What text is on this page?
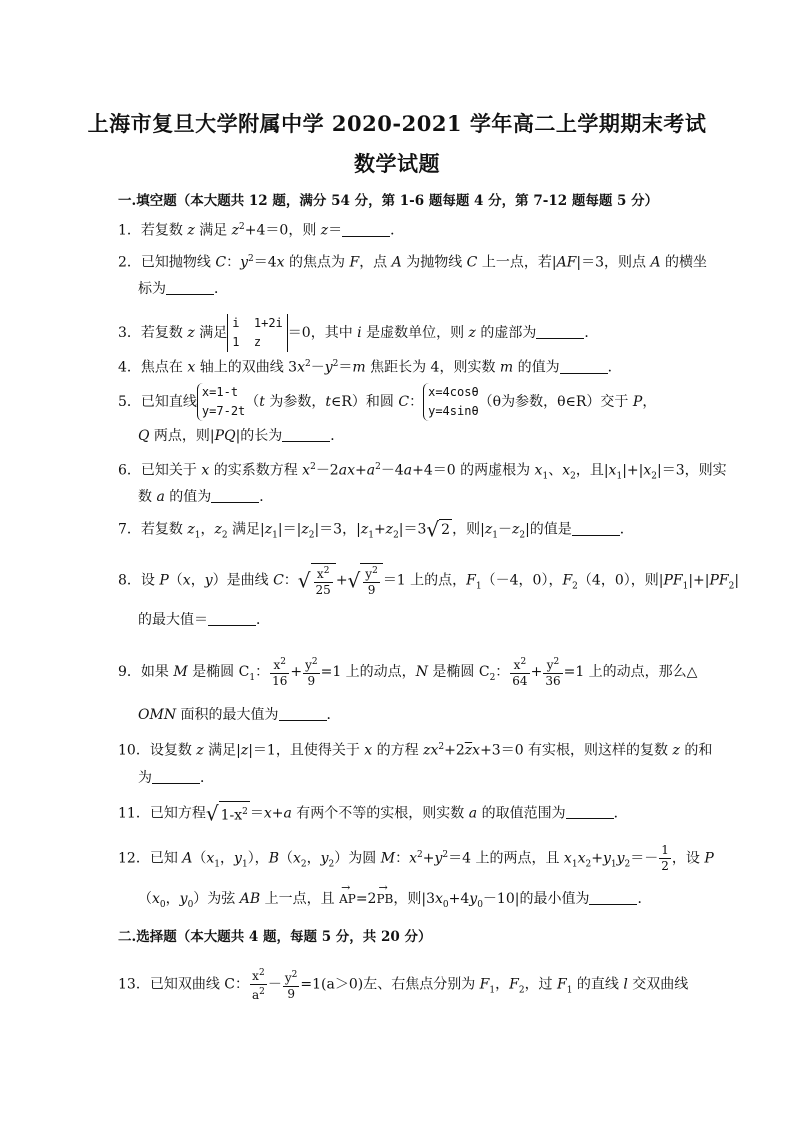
上海市复旦大学附属中学 2020-2021 学年高二上学期期末考试
数学试题
一.填空题（本大题共 12 题，满分 54 分，第 1-6 题每题 4 分，第 7-12 题每题 5 分）
1．若复数 z 满足 $z^2+4=0$，则 z＝	．
2．已知抛物线 C：$y^2=4x$ 的焦点为 F，点 A 为抛物线 C 上一点，若|AF|＝3，则点 A 的横坐
标为	．
3．若复数 z 满足i  1+2i
1  z＝0，其中 i 是虚数单位，则 z 的虚部为	．
4．焦点在 x 轴上的双曲线 $3x^2-y^2=m$ 焦距长为 4，则实数 m 的值为	．
5．已知直线x=1-t
y=7-2t（t 为参数，t∈R）和圆 C：x=4cosθ
y=4sinθ（θ为参数，θ∈R）交于 P，
Q 两点，则|PQ|的长为	．
6．已知关于 x 的实系数方程 $x^2-2ax+a^2-4a+4=0$ 的两虚根为 $x_1$、$x_2$，且$|x_1|+|x_2|=3$，则实
数 a 的值为	．
7．若复数 $z_1$，$z_2$ 满足$|z_1|=|z_2|=3$，$|z_1+z_2|=3√$ 2 ，则$|z_1-z_2|$的值是	．
8．设 P（x，y）是曲线 C：√ $\frac{x^2}{25}$ +√ $\frac{y^2}{9} =1$ 上的点，$F_1(-4$，0），$F_2(4$，0），则$|PF_1|+|PF_2|$
的最大值＝	．
9．如果 M 是椭圆 $C_1$： $\frac{x^2}{16} + \frac{y^2}{9} =1$ 上的动点，N 是椭圆 $C_2$： $\frac{x^2}{64} + \frac{y^2}{36} =1$ 上的动点，那么△
OMN 面积的最大值为	．
10．设复数 z 满足|z|＝1，且使得关于 x 的方程 $zx^2+2\overline{z}x+3=0$ 有实根，则这样的复数 z 的和
为	．
11．已知方程√ $1-x^2 =x+a$ 有两个不等的实根，则实数 a 的取值范围为	．
12．已知 $A(x_1$，$y_1$），$B(x_2$，$y_2$）为圆 M：$x^2+y^2=4$ 上的两点，且 $x_1x_2+y_1y_2=- \frac{1}{2}$ ，设 P
（$x_0$，$y_0$）为弦 AB 上一点，且 → AP=2→ PB，则$|3x_0+4y_0-10|$的最小值为	．
二.选择题（本大题共 4 题，每题 5 分，共 20 分）
13．已知双曲线 C： $\frac{x^2}{a^2} - \frac{y^2}{9} =1(a>0)$左、右焦点分别为 $F_1$，$F_2$，过 $F_1$ 的直线 l 交双曲线
